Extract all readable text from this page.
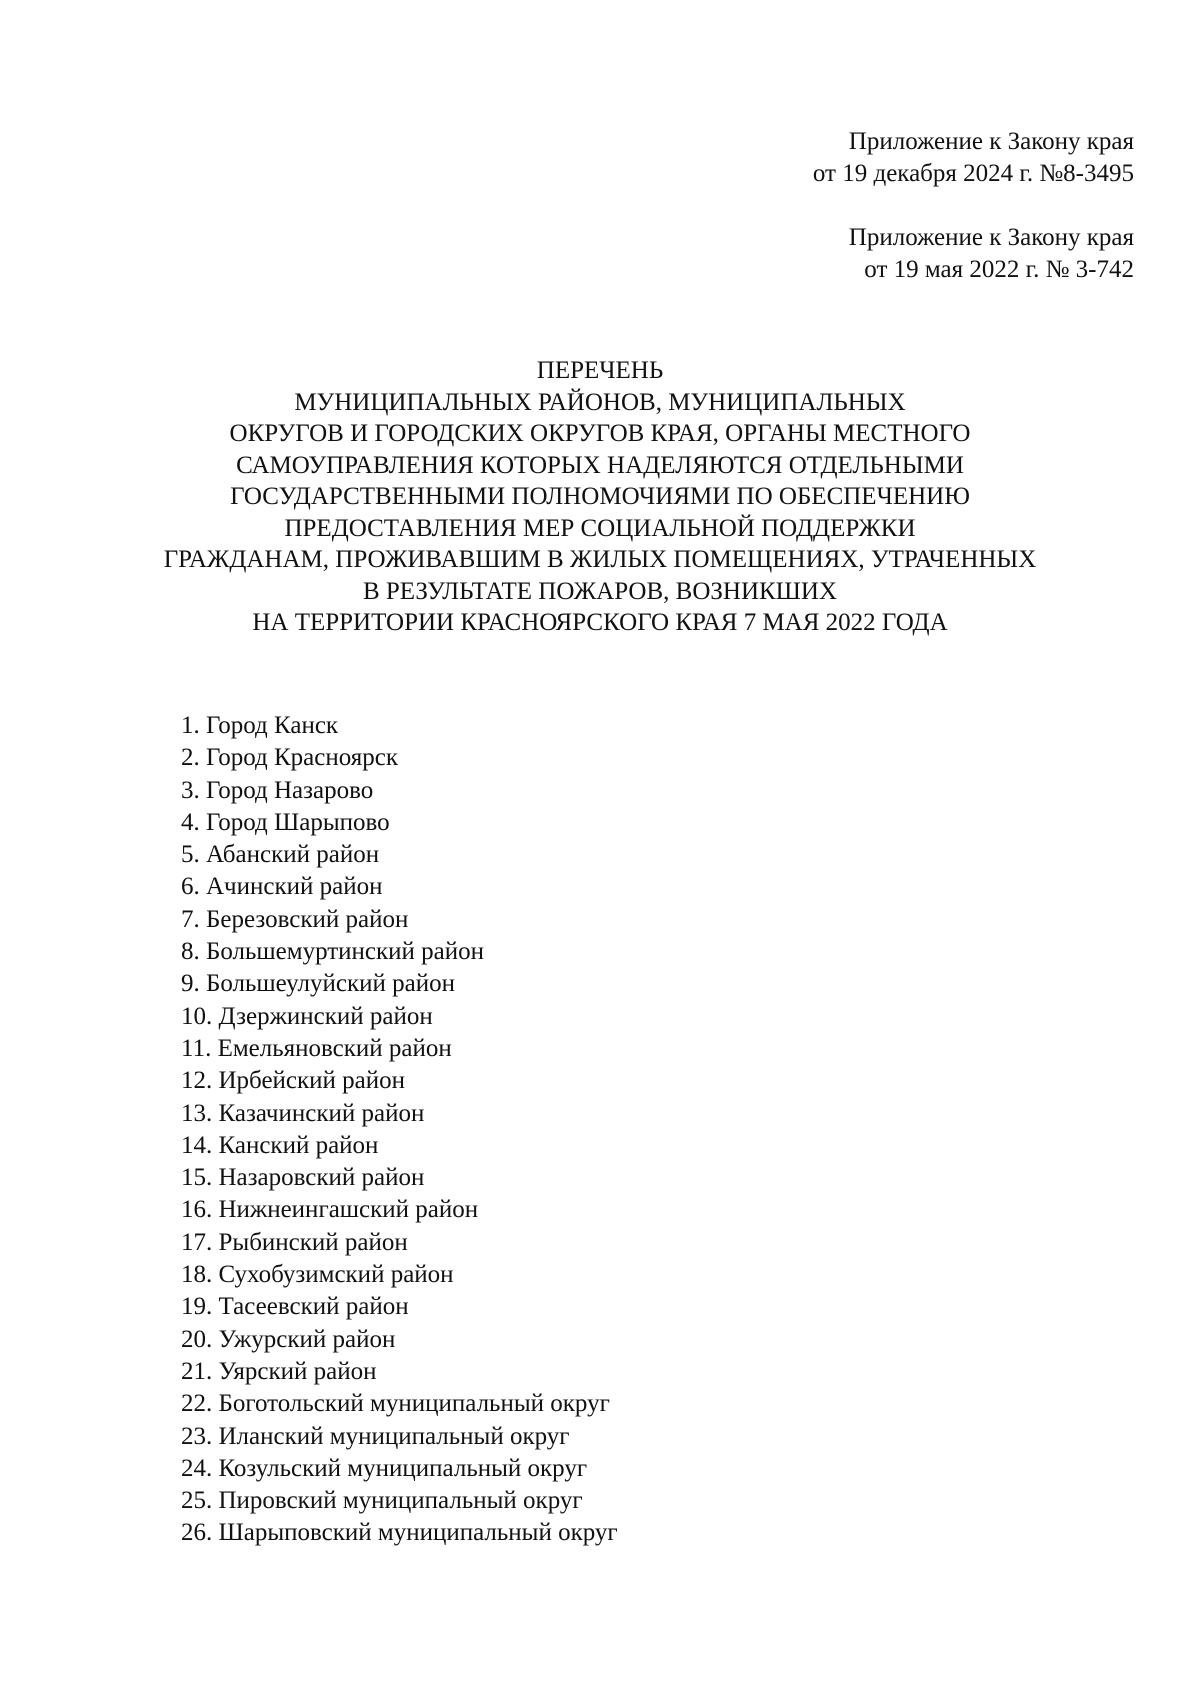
Приложение к Закону края
от 19 декабря 2024 г. №8-3495
Приложение к Закону края
от 19 мая 2022 г. № 3-742
ПЕРЕЧЕНЬ
МУНИЦИПАЛЬНЫХ РАЙОНОВ, МУНИЦИПАЛЬНЫХ
ОКРУГОВ И ГОРОДСКИХ ОКРУГОВ КРАЯ, ОРГАНЫ МЕСТНОГО
САМОУПРАВЛЕНИЯ КОТОРЫХ НАДЕЛЯЮТСЯ ОТДЕЛЬНЫМИ
ГОСУДАРСТВЕННЫМИ ПОЛНОМОЧИЯМИ ПО ОБЕСПЕЧЕНИЮ
ПРЕДОСТАВЛЕНИЯ МЕР СОЦИАЛЬНОЙ ПОДДЕРЖКИ
ГРАЖДАНАМ, ПРОЖИВАВШИМ В ЖИЛЫХ ПОМЕЩЕНИЯХ, УТРАЧЕННЫХ
В РЕЗУЛЬТАТЕ ПОЖАРОВ, ВОЗНИКШИХ
НА ТЕРРИТОРИИ КРАСНОЯРСКОГО КРАЯ 7 МАЯ 2022 ГОДА
1. Город Канск
2. Город Красноярск
3. Город Назарово
4. Город Шарыпово
5. Абанский район
6. Ачинский район
7. Березовский район
8. Большемуртинский район
9. Большеулуйский район
10. Дзержинский район
11. Емельяновский район
12. Ирбейский район
13. Казачинский район
14. Канский район
15. Назаровский район
16. Нижнеингашский район
17. Рыбинский район
18. Сухобузимский район
19. Тасеевский район
20. Ужурский район
21. Уярский район
22. Боготольский муниципальный округ
23. Иланский муниципальный округ
24. Козульский муниципальный округ
25. Пировский муниципальный округ
26. Шарыповский муниципальный округ
